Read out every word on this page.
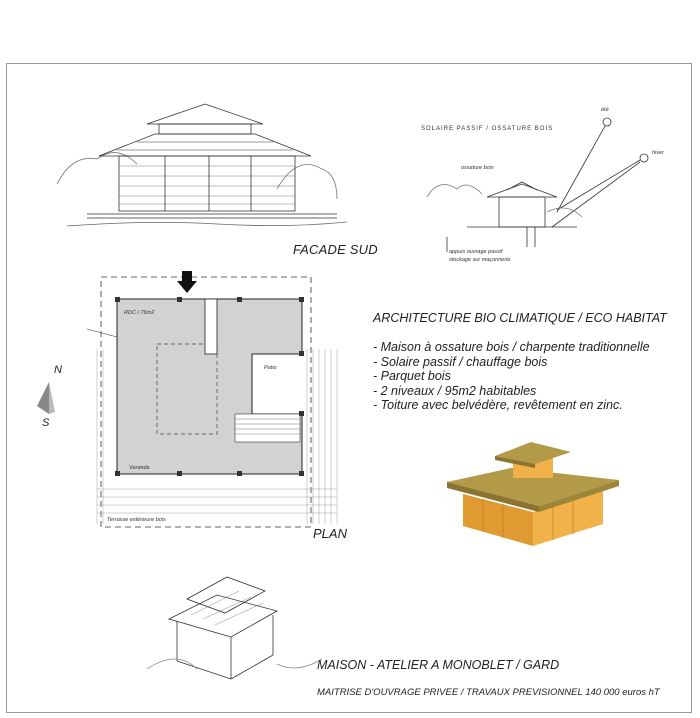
FACADE SUD
SOLAIRE PASSIF / OSSATURE BOIS
été
hiver
ossature bois
appuis ouvrage passif
stockage sur maçonnerie
RDC / 76m2
Patio
Veranda
Terrasse extérieure bois
PLAN
N
S
ARCHITECTURE BIO CLIMATIQUE / ECO HABITAT
- Maison à ossature bois / charpente traditionnelle
- Solaire passif / chauffage bois
- Parquet bois
- 2 niveaux / 95m2 habitables
- Toiture avec belvédère, revêtement en zinc.
MAISON - ATELIER A MONOBLET / GARD
MAITRISE D'OUVRAGE PRIVEE / TRAVAUX PREVISIONNEL 140 000 euros hT
